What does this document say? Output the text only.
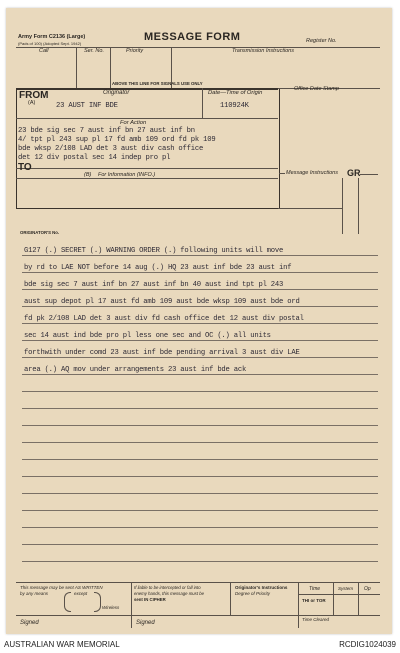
Army Form C2136 (Large)
(Pads of 100) (Adopted Sept. 1942)
MESSAGE FORM	Register No.
Call	Ser. No.	Priority	Transmission Instructions
ABOVE THIS LINE FOR SIGNALS USE ONLY
FROM
(A)
Originator
23 AUST INF BDE
Date—Time of Origin
110924K
For Action
23 bde sig sec 7 aust inf bn 27 aust inf bn
4/ tpt pl 243 sup pl 17 fd amb 109 ord fd pk 109
bde wksp 2/108 LAD det 3 aust div cash office
det 12 div postal sec 14 indep pro pl
TO
(B) For Information (INFO.)
Office Date Stamp
Message Instructions GR
ORIGINATOR'S No.
G127 (.) SECRET (.) WARNING ORDER (.) following units will move
by rd to LAE NOT before 14 aug (.) HQ 23 aust inf bde 23 aust inf
bde sig sec 7 aust inf bn 27 aust inf bn 40 aust ind tpt pl 243
aust sup depot pl 17 aust fd amb 109 aust bde wksp 109 aust bde ord
fd pk 2/108 LAD det 3 aust div fd cash office det 12 aust div postal
sec 14 aust ind bde pro pl less one sec and OC (.) all units
forthwith under comd 23 aust inf bde pending arrival 3 aust div LAE
area (.) AQ mov under arrangements 23 aust inf bde ack
This message may be sent AS WRITTEN
by any means	except
Wireless
If liable to be intercepted or fall into
enemy hands, this message must be
sent IN CIPHER
Originator's Instructions
Degree of Priority
Time	System Op
THI or TOR
Time Cleared
Signed	Signed
AUSTRALIAN WAR MEMORIAL	RCDIG1024039
